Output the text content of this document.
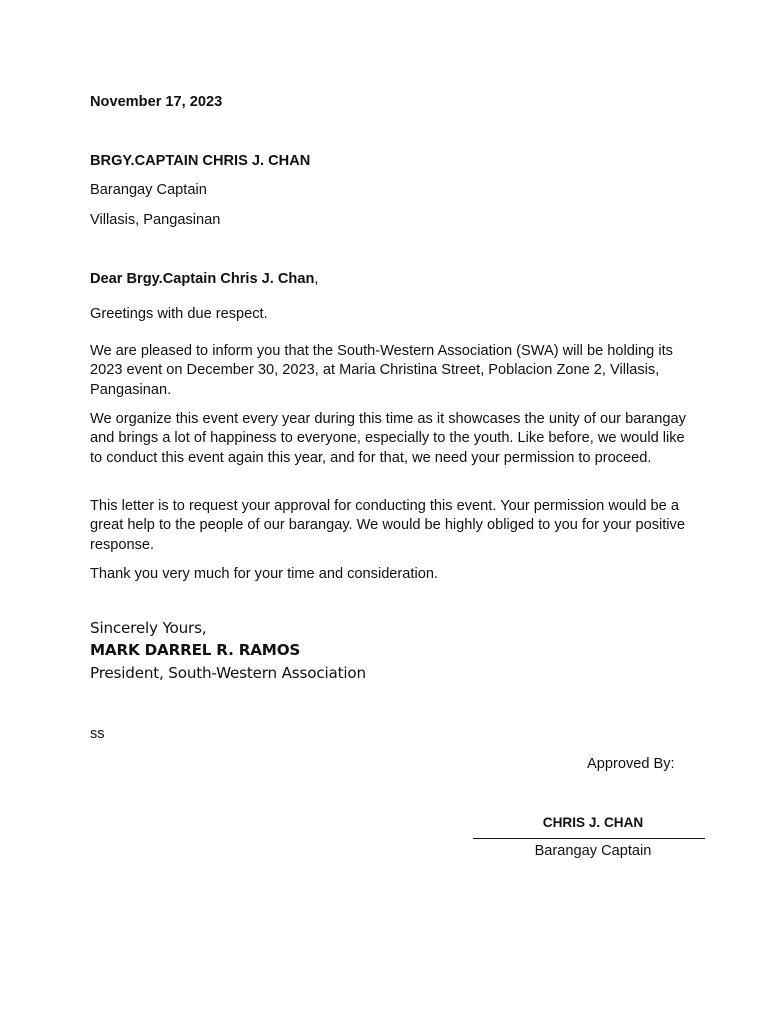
November 17, 2023
BRGY.CAPTAIN CHRIS J. CHAN
Barangay Captain
Villasis, Pangasinan
Dear Brgy.Captain Chris J. Chan,
Greetings with due respect.
We are pleased to inform you that the South-Western Association (SWA) will be holding its 2023 event on December 30, 2023, at Maria Christina Street, Poblacion Zone 2, Villasis, Pangasinan.
We organize this event every year during this time as it showcases the unity of our barangay and brings a lot of happiness to everyone, especially to the youth. Like before, we would like to conduct this event again this year, and for that, we need your permission to proceed.
This letter is to request your approval for conducting this event. Your permission would be a great help to the people of our barangay. We would be highly obliged to you for your positive response.
Thank you very much for your time and consideration.
Sincerely Yours,
MARK DARREL R. RAMOS
President, South-Western Association
ss
Approved By:
CHRIS J. CHAN
Barangay Captain
